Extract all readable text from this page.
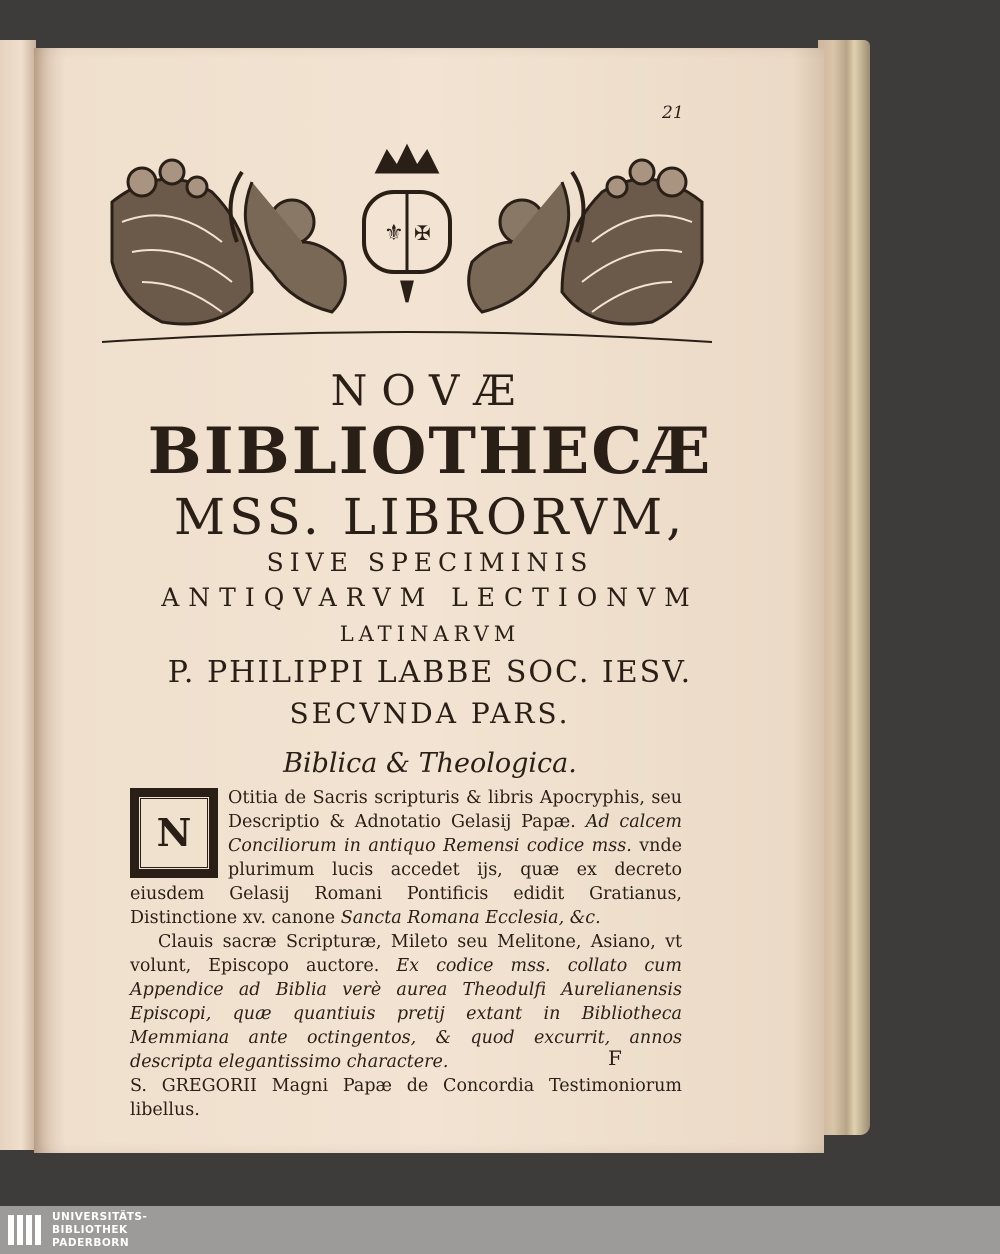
21
⚜ ✠
NOVÆ
BIBLIOTHECÆ
MSS. LIBRORVM,
SIVE SPECIMINIS
ANTIQVARVM LECTIONVM
LATINARVM
P. PHILIPPI LABBE SOC. IESV.
SECVNDA PARS.
Biblica & Theologica.
N

Otitia de Sacris scripturis & libris Apocryphis, seu Descriptio & Adnotatio Gelasij Papæ. Ad calcem Conciliorum in antiquo Remensi codice mss. vnde plurimum lucis accedet ijs, quæ ex decreto eiusdem Gelasij Romani Pontificis edidit Gratianus, Distinctione xv. canone Sancta Romana Ecclesia, &c.

Clauis sacræ Scripturæ, Mileto seu Melitone, Asiano, vt volunt, Episcopo auctore. Ex codice mss. collato cum Appendice ad Biblia verè aurea Theodulfi Aurelianensis Episcopi, quæ quantiuis pretij extant in Bibliotheca Memmiana ante octingentos, & quod excurrit, annos descripta elegantissimo charactere.

S. GREGORII Magni Papæ de Concordia Testimoniorum libellus.

F
UNIVERSITÄTS-
BIBLIOTHEK
PADERBORN
